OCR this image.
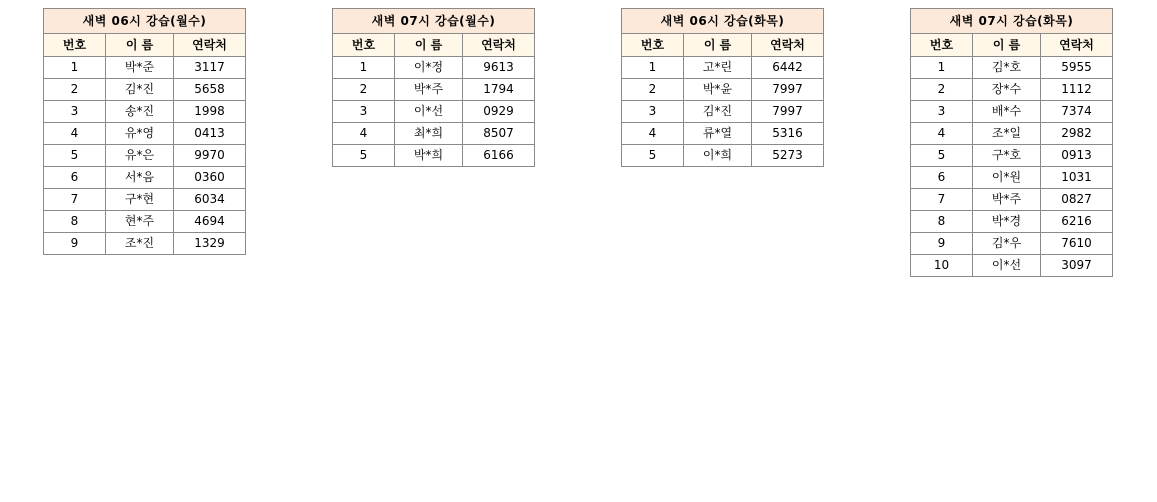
새벽 06시 강습(월수)		
번호	이 름	연락처
1	박*준	3117
2	김*진	5658
3	송*진	1998
4	유*영	0413
5	유*은	9970
6	서*음	0360
7	구*현	6034
8	현*주	4694
9	조*진	1329
새벽 07시 강습(월수)		
번호	이 름	연락처
1	이*정	9613
2	박*주	1794
3	이*선	0929
4	최*희	8507
5	박*희	6166
새벽 06시 강습(화목)		
번호	이 름	연락처
1	고*린	6442
2	박*윤	7997
3	김*진	7997
4	류*열	5316
5	이*희	5273
새벽 07시 강습(화목)		
번호	이 름	연락처
1	김*호	5955
2	장*수	1112
3	배*수	7374
4	조*일	2982
5	구*호	0913
6	이*원	1031
7	박*주	0827
8	박*경	6216
9	김*우	7610
10	이*선	3097
